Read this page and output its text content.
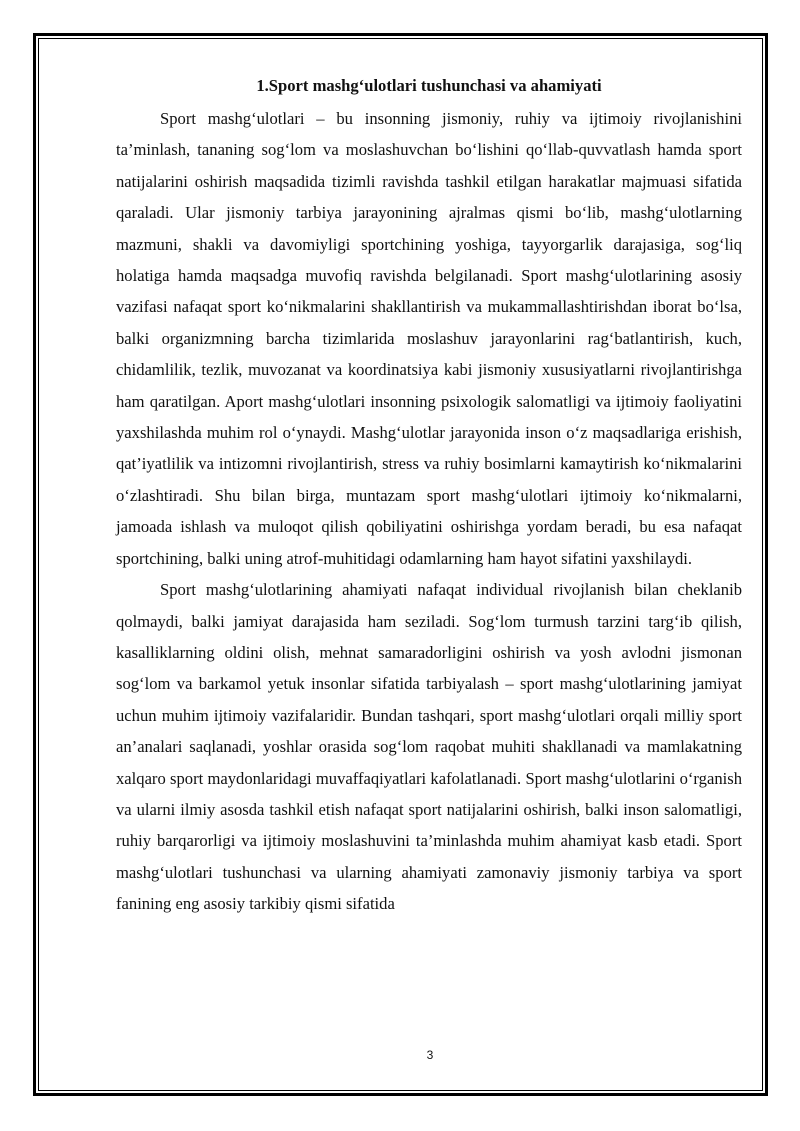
1.Sport mashg‘ulotlari tushunchasi va ahamiyati

Sport mashg‘ulotlari – bu insonning jismoniy, ruhiy va ijtimoiy rivojlanishini ta’minlash, tananing sog‘lom va moslashuvchan bo‘lishini qo‘llab-quvvatlash hamda sport natijalarini oshirish maqsadida tizimli ravishda tashkil etilgan harakatlar majmuasi sifatida qaraladi. Ular jismoniy tarbiya jarayonining ajralmas qismi bo‘lib, mashg‘ulotlarning mazmuni, shakli va davomiyligi sportchining yoshiga, tayyorgarlik darajasiga, sog‘liq holatiga hamda maqsadga muvofiq ravishda belgilanadi. Sport mashg‘ulotlarining asosiy vazifasi nafaqat sport ko‘nikmalarini shakllantirish va mukammallashtirishdan iborat bo‘lsa, balki organizmning barcha tizimlarida moslashuv jarayonlarini rag‘batlantirish, kuch, chidamlilik, tezlik, muvozanat va koordinatsiya kabi jismoniy xususiyatlarni rivojlantirishga ham qaratilgan. Aport mashg‘ulotlari insonning psixologik salomatligi va ijtimoiy faoliyatini yaxshilashda muhim rol o‘ynaydi. Mashg‘ulotlar jarayonida inson o‘z maqsadlariga erishish, qat’iyatlilik va intizomni rivojlantirish, stress va ruhiy bosimlarni kamaytirish ko‘nikmalarini o‘zlashtiradi. Shu bilan birga, muntazam sport mashg‘ulotlari ijtimoiy ko‘nikmalarni, jamoada ishlash va muloqot qilish qobiliyatini oshirishga yordam beradi, bu esa nafaqat sportchining, balki uning atrof-muhitidagi odamlarning ham hayot sifatini yaxshilaydi.

Sport mashg‘ulotlarining ahamiyati nafaqat individual rivojlanish bilan cheklanib qolmaydi, balki jamiyat darajasida ham seziladi. Sog‘lom turmush tarzini targ‘ib qilish, kasalliklarning oldini olish, mehnat samaradorligini oshirish va yosh avlodni jismonan sog‘lom va barkamol yetuk insonlar sifatida tarbiyalash – sport mashg‘ulotlarining jamiyat uchun muhim ijtimoiy vazifalaridir. Bundan tashqari, sport mashg‘ulotlari orqali milliy sport an’analari saqlanadi, yoshlar orasida sog‘lom raqobat muhiti shakllanadi va mamlakatning xalqaro sport maydonlaridagi muvaffaqiyatlari kafolatlanadi. Sport mashg‘ulotlarini o‘rganish va ularni ilmiy asosda tashkil etish nafaqat sport natijalarini oshirish, balki inson salomatligi, ruhiy barqarorligi va ijtimoiy moslashuvini ta’minlashda muhim ahamiyat kasb etadi. Sport mashg‘ulotlari tushunchasi va ularning ahamiyati zamonaviy jismoniy tarbiya va sport fanining eng asosiy tarkibiy qismi sifatida

3
